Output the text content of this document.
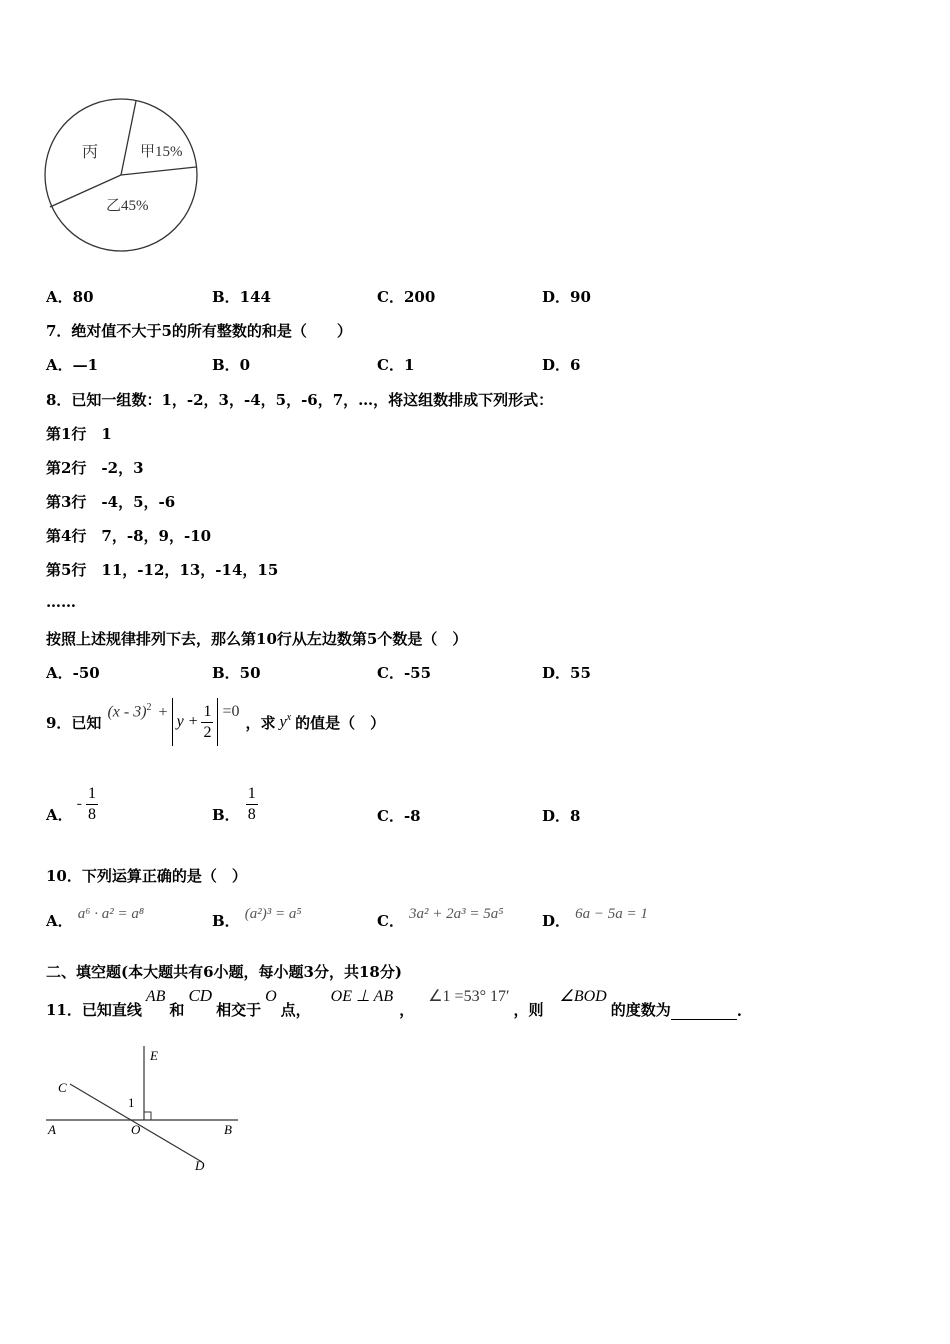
丙	甲15%
乙45%
A．80	B．144	C．200	D．90
7．绝对值不大于5的所有整数的和是（　　）
A．—1	B．0	C．1	D．6
8．已知一组数：1，-2，3，-4，5，-6，7，…，将这组数排成下列形式：
第1行　1
第2行　-2，3
第3行　-4，5，-6
第4行　7，-8，9，-10
第5行　11，-12，13，-14，15
……
按照上述规律排列下去，那么第10行从左边数第5个数是（　）
A．-50	B．50	C．-55	D．55
9．已知
(x - 3)$^2$ +
$y + \frac{1}{2} =0$
，求 $y^x$ 的值是（　）
A．
- $\frac{1}{8}$	B． $\frac{1}{8}$	C．-8	D．8
10．下列运算正确的是（　）
A． a⁶ · a² = a⁸	B． (a²)³ = a⁵	C． 3a² + 2a³ = 5a⁵	D． 6a − 5a = 1
二、填空题(本大题共有6小题，每小题3分，共18分)
11．已知直线
AB
和
CD
相交于
O
点，
OE ⊥ AB
，
∠1 =53° 17′
，则
∠BOD
的度数为	.
E
C
1
A	O	B
D
